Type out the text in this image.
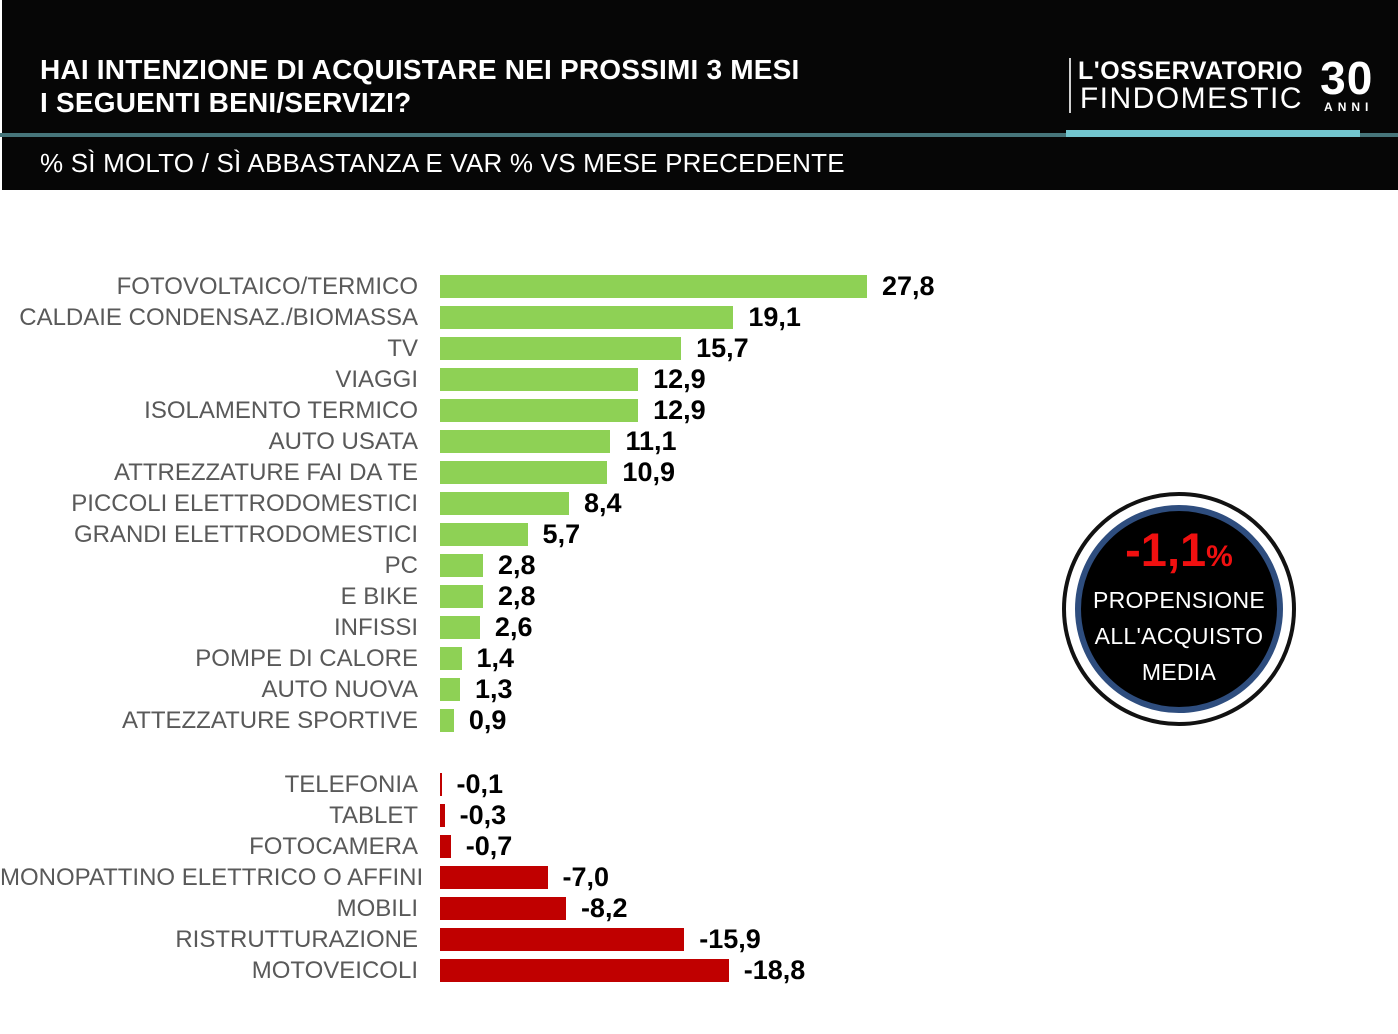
HAI INTENZIONE DI ACQUISTARE NEI PROSSIMI 3 MESI
I SEGUENTI BENI/SERVIZI?
L'OSSERVATORIO
FINDOMESTIC 30
ANNI
% SÌ MOLTO / SÌ ABBASTANZA E VAR % VS MESE PRECEDENTE
FOTOVOLTAICO/TERMICO	27,8
CALDAIE CONDENSAZ./BIOMASSA	19,1
TV	15,7
VIAGGI	12,9
ISOLAMENTO TERMICO	12,9
AUTO USATA	11,1
ATTREZZATURE FAI DA TE	10,9
PICCOLI ELETTRODOMESTICI	8,4
GRANDI ELETTRODOMESTICI	5,7
PC	2,8
E BIKE	2,8
INFISSI	2,6
POMPE DI CALORE	1,4
AUTO NUOVA	1,3
ATTEZZATURE SPORTIVE	0,9
TELEFONIA	-0,1
TABLET	-0,3
FOTOCAMERA	-0,7
MONOPATTINO ELETTRICO O AFFINI	-7,0
MOBILI	-8,2
RISTRUTTURAZIONE	-15,9
MOTOVEICOLI	-18,8
-1,1%
PROPENSIONE
ALL'ACQUISTO
MEDIA
